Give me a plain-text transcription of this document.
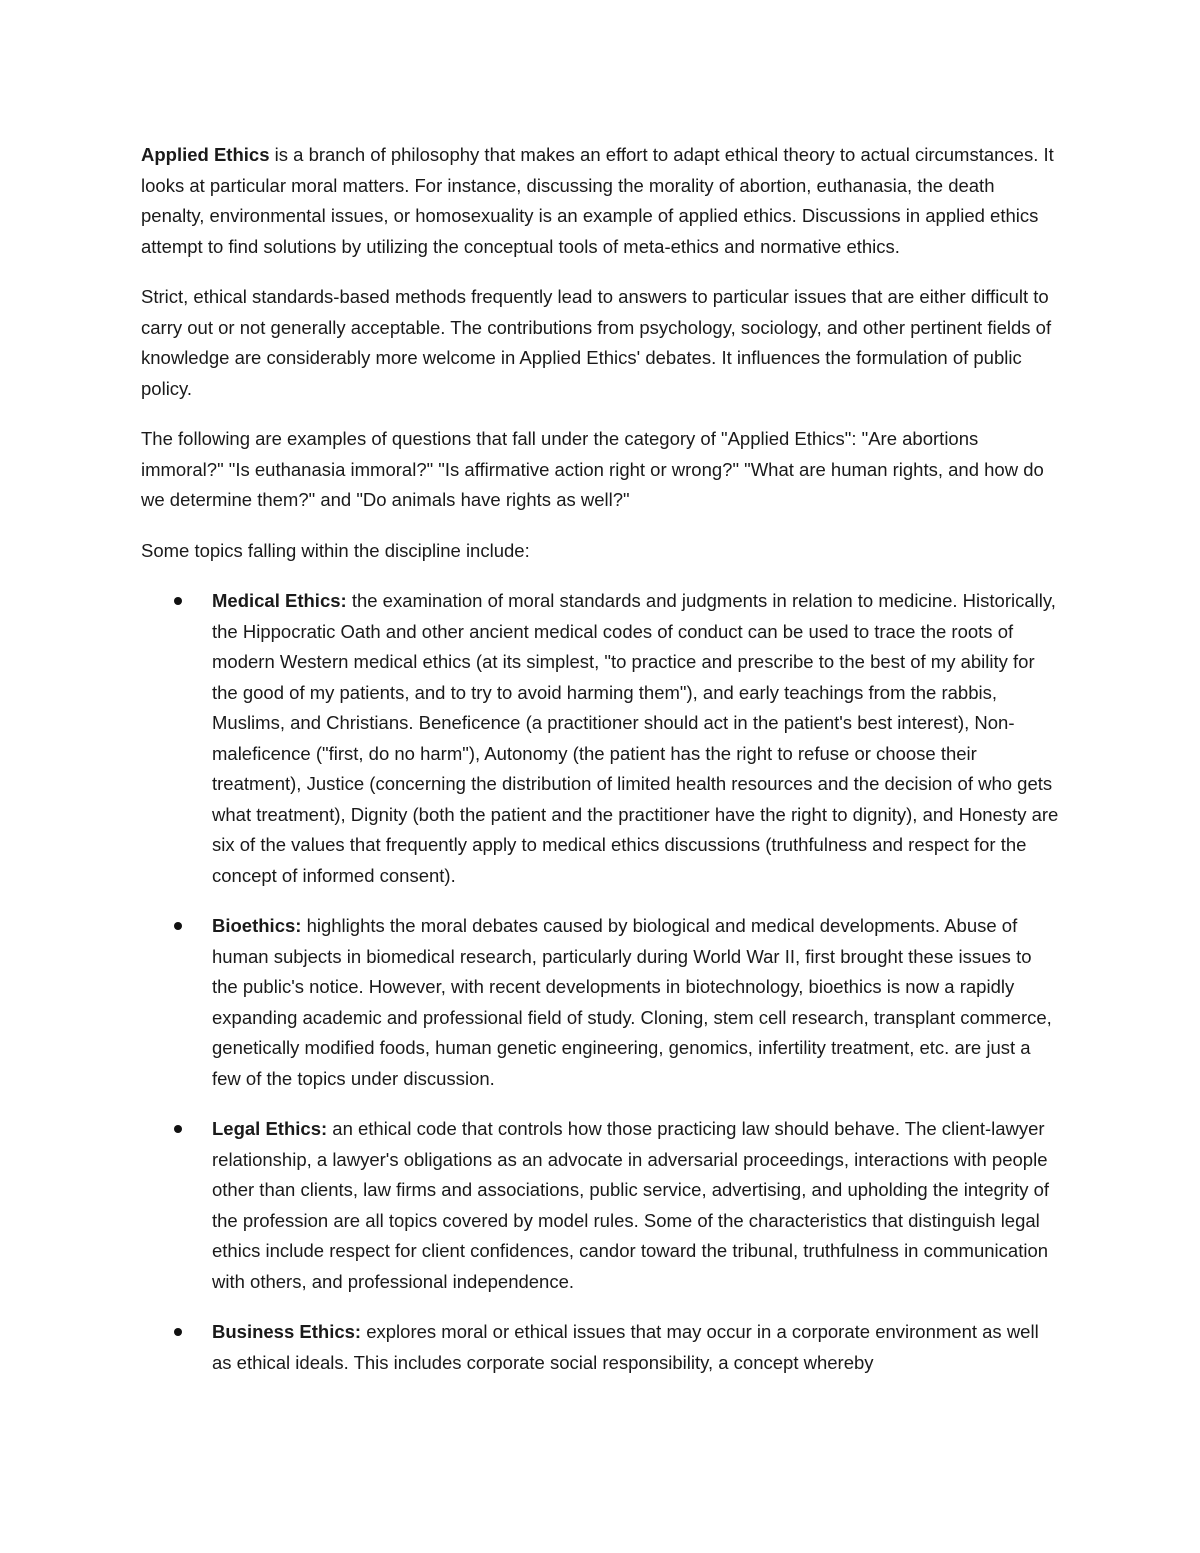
Applied Ethics is a branch of philosophy that makes an effort to adapt ethical theory to actual circumstances. It looks at particular moral matters. For instance, discussing the morality of abortion, euthanasia, the death penalty, environmental issues, or homosexuality is an example of applied ethics. Discussions in applied ethics attempt to find solutions by utilizing the conceptual tools of meta-ethics and normative ethics.

Strict, ethical standards-based methods frequently lead to answers to particular issues that are either difficult to carry out or not generally acceptable. The contributions from psychology, sociology, and other pertinent fields of knowledge are considerably more welcome in Applied Ethics' debates. It influences the formulation of public policy.

The following are examples of questions that fall under the category of "Applied Ethics": "Are abortions immoral?" "Is euthanasia immoral?" "Is affirmative action right or wrong?" "What are human rights, and how do we determine them?" and "Do animals have rights as well?"

Some topics falling within the discipline include:

Medical Ethics: the examination of moral standards and judgments in relation to medicine. Historically, the Hippocratic Oath and other ancient medical codes of conduct can be used to trace the roots of modern Western medical ethics (at its simplest, "to practice and prescribe to the best of my ability for the good of my patients, and to try to avoid harming them"), and early teachings from the rabbis, Muslims, and Christians. Beneficence (a practitioner should act in the patient's best interest), Non-maleficence ("first, do no harm"), Autonomy (the patient has the right to refuse or choose their treatment), Justice (concerning the distribution of limited health resources and the decision of who gets what treatment), Dignity (both the patient and the practitioner have the right to dignity), and Honesty are six of the values that frequently apply to medical ethics discussions (truthfulness and respect for the concept of informed consent).
Bioethics: highlights the moral debates caused by biological and medical developments. Abuse of human subjects in biomedical research, particularly during World War II, first brought these issues to the public's notice. However, with recent developments in biotechnology, bioethics is now a rapidly expanding academic and professional field of study. Cloning, stem cell research, transplant commerce, genetically modified foods, human genetic engineering, genomics, infertility treatment, etc. are just a few of the topics under discussion.
Legal Ethics: an ethical code that controls how those practicing law should behave. The client-lawyer relationship, a lawyer's obligations as an advocate in adversarial proceedings, interactions with people other than clients, law firms and associations, public service, advertising, and upholding the integrity of the profession are all topics covered by model rules. Some of the characteristics that distinguish legal ethics include respect for client confidences, candor toward the tribunal, truthfulness in communication with others, and professional independence.
Business Ethics: explores moral or ethical issues that may occur in a corporate environment as well as ethical ideals. This includes corporate social responsibility, a concept whereby
